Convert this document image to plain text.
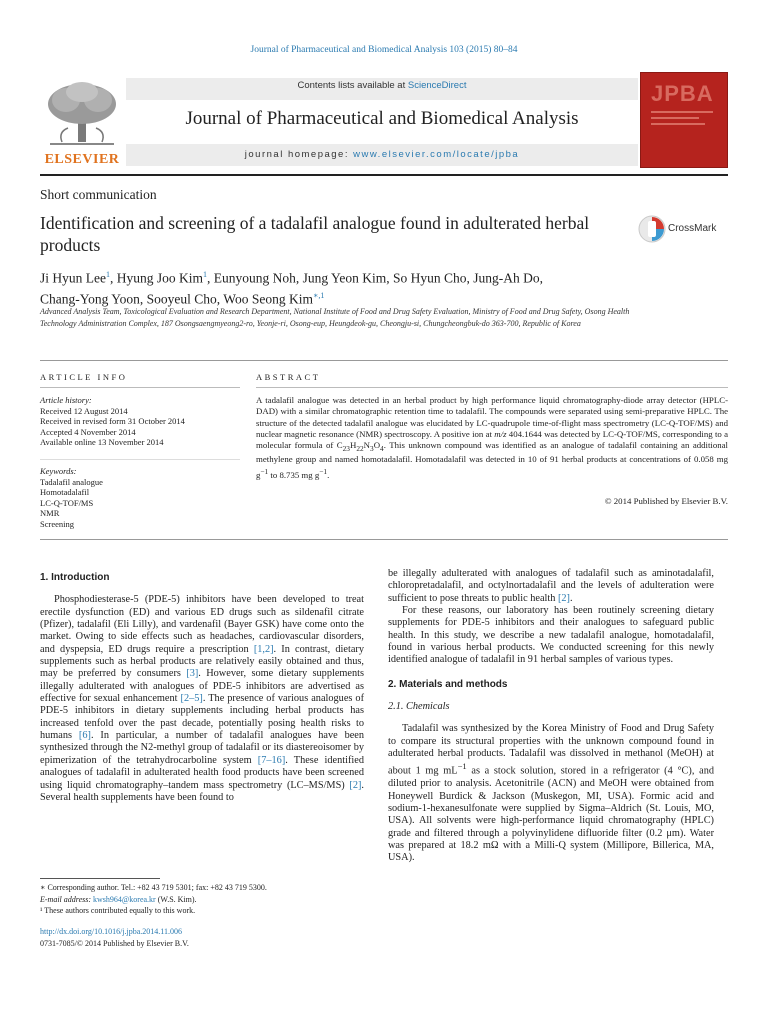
Journal of Pharmaceutical and Biomedical Analysis 103 (2015) 80–84
ELSEVIER
Contents lists available at ScienceDirect
Journal of Pharmaceutical and Biomedical Analysis
journal homepage: www.elsevier.com/locate/jpba
JPBA
Short communication
Identification and screening of a tadalafil analogue found in adulterated herbal products
CrossMark
Ji Hyun Lee$^1$, Hyung Joo Kim$^1$, Eunyoung Noh, Jung Yeon Kim, So Hyun Cho, Jung-Ah Do,
Chang-Yong Yoon, Sooyeul Cho, Woo Seong Kim$^{∗,1}$
Advanced Analysis Team, Toxicological Evaluation and Research Department, National Institute of Food and Drug Safety Evaluation, Ministry of Food and Drug Safety, Osong Health Technology Administration Complex, 187 Osongsaengmyeong2-ro, Yeonje-ri, Osong-eup, Heungdeok-gu, Cheongju-si, Chungcheongbuk-do 363-700, Republic of Korea
ARTICLE INFO	ABSTRACT
Article history:
Received 12 August 2014
Received in revised form 31 October 2014
Accepted 4 November 2014
Available online 13 November 2014
Keywords:
Tadalafil analogue
Homotadalafil
LC-Q-TOF/MS
NMR
Screening
A tadalafil analogue was detected in an herbal product by high performance liquid chromatography-diode array detector (HPLC-DAD) with a similar chromatographic retention time to tadalafil. The compounds were separated using semi-preparative HPLC. The structure of the detected tadalafil analogue was elucidated by LC-quadrupole time-of-flight mass spectrometry (LC-Q-TOF/MS) and nuclear magnetic resonance (NMR) spectroscopy. A positive ion at m/z 404.1644 was detected by LC-Q-TOF/MS, corresponding to a molecular formula of $C_{23}H_{22}N_3O_4$. This unknown compound was identified as an analogue of tadalafil containing an additional methylene group and named homotadalafil. Homotadalafil was detected in 10 of 91 herbal products at concentrations of 0.058 mg $g^{-1}$ to 8.735 mg $g^{-1}$.
© 2014 Published by Elsevier B.V.
1. Introduction

Phosphodiesterase-5 (PDE-5) inhibitors have been developed to treat erectile dysfunction (ED) and various ED drugs such as sildenafil citrate (Pfizer), tadalafil (Eli Lilly), and vardenafil (Bayer GSK) have come onto the market. Owing to side effects such as headaches, cardiovascular disorders, and dyspepsia, ED drugs require a prescription [1,2]. In contrast, dietary supplements such as herbal products are relatively easily obtained and thus, may be preferred by consumers [3]. However, some dietary supplements illegally adulterated with analogues of PDE-5 inhibitors are advertised as effective for sexual enhancement [2–5]. The presence of various analogues of PDE-5 inhibitors in dietary supplements including herbal products has increased tenfold over the past decade, potentially posing health risks to humans [6]. In particular, a number of tadalafil analogues have been synthesized through the N2-methyl group of tadalafil or its diastereoisomer by epimerization of the tetrahydrocarboline system [7–16]. These identified analogues of tadalafil in adulterated health food products have been screened using liquid chromatography–tandem mass spectrometry (LC–MS/MS) [2]. Several health supplements have been found to

be illegally adulterated with analogues of tadalafil such as aminotadalafil, chloropretadalafil, and octylnortadalafil and the levels of adulteration were sufficient to pose threats to public health [2].

For these reasons, our laboratory has been routinely screening dietary supplements for PDE-5 inhibitors and their analogues to safeguard public health. In this study, we describe a new tadalafil analogue, homotadalafil, found in various herbal products. We conducted screening for this newly identified analogue of tadalafil in 91 herbal samples of various types.

2. Materials and methods
2.1. Chemicals

Tadalafil was synthesized by the Korea Ministry of Food and Drug Safety to compare its structural properties with the unknown compound found in adulterated herbal products. Tadalafil was dissolved in methanol (MeOH) at about 1 mg $mL^{-1}$ as a stock solution, stored in a refrigerator (4 °C), and diluted prior to analysis. Acetonitrile (ACN) and MeOH were obtained from Honeywell Burdick & Jackson (Muskegon, MI, USA). Formic acid and sodium-1-hexanesulfonate were supplied by Sigma–Aldrich (St. Louis, MO, USA). All solvents were high-performance liquid chromatography (HPLC) grade and filtered through a polyvinylidene difluoride filter (0.2 μm). Water was prepared at 18.2 mΩ with a Milli-Q system (Millipore, Billerica, MA, USA).

∗ Corresponding author. Tel.: +82 43 719 5301; fax: +82 43 719 5300.
E-mail address: kwsh964@korea.kr (W.S. Kim).
¹ These authors contributed equally to this work.
http://dx.doi.org/10.1016/j.jpba.2014.11.006
0731-7085/© 2014 Published by Elsevier B.V.
